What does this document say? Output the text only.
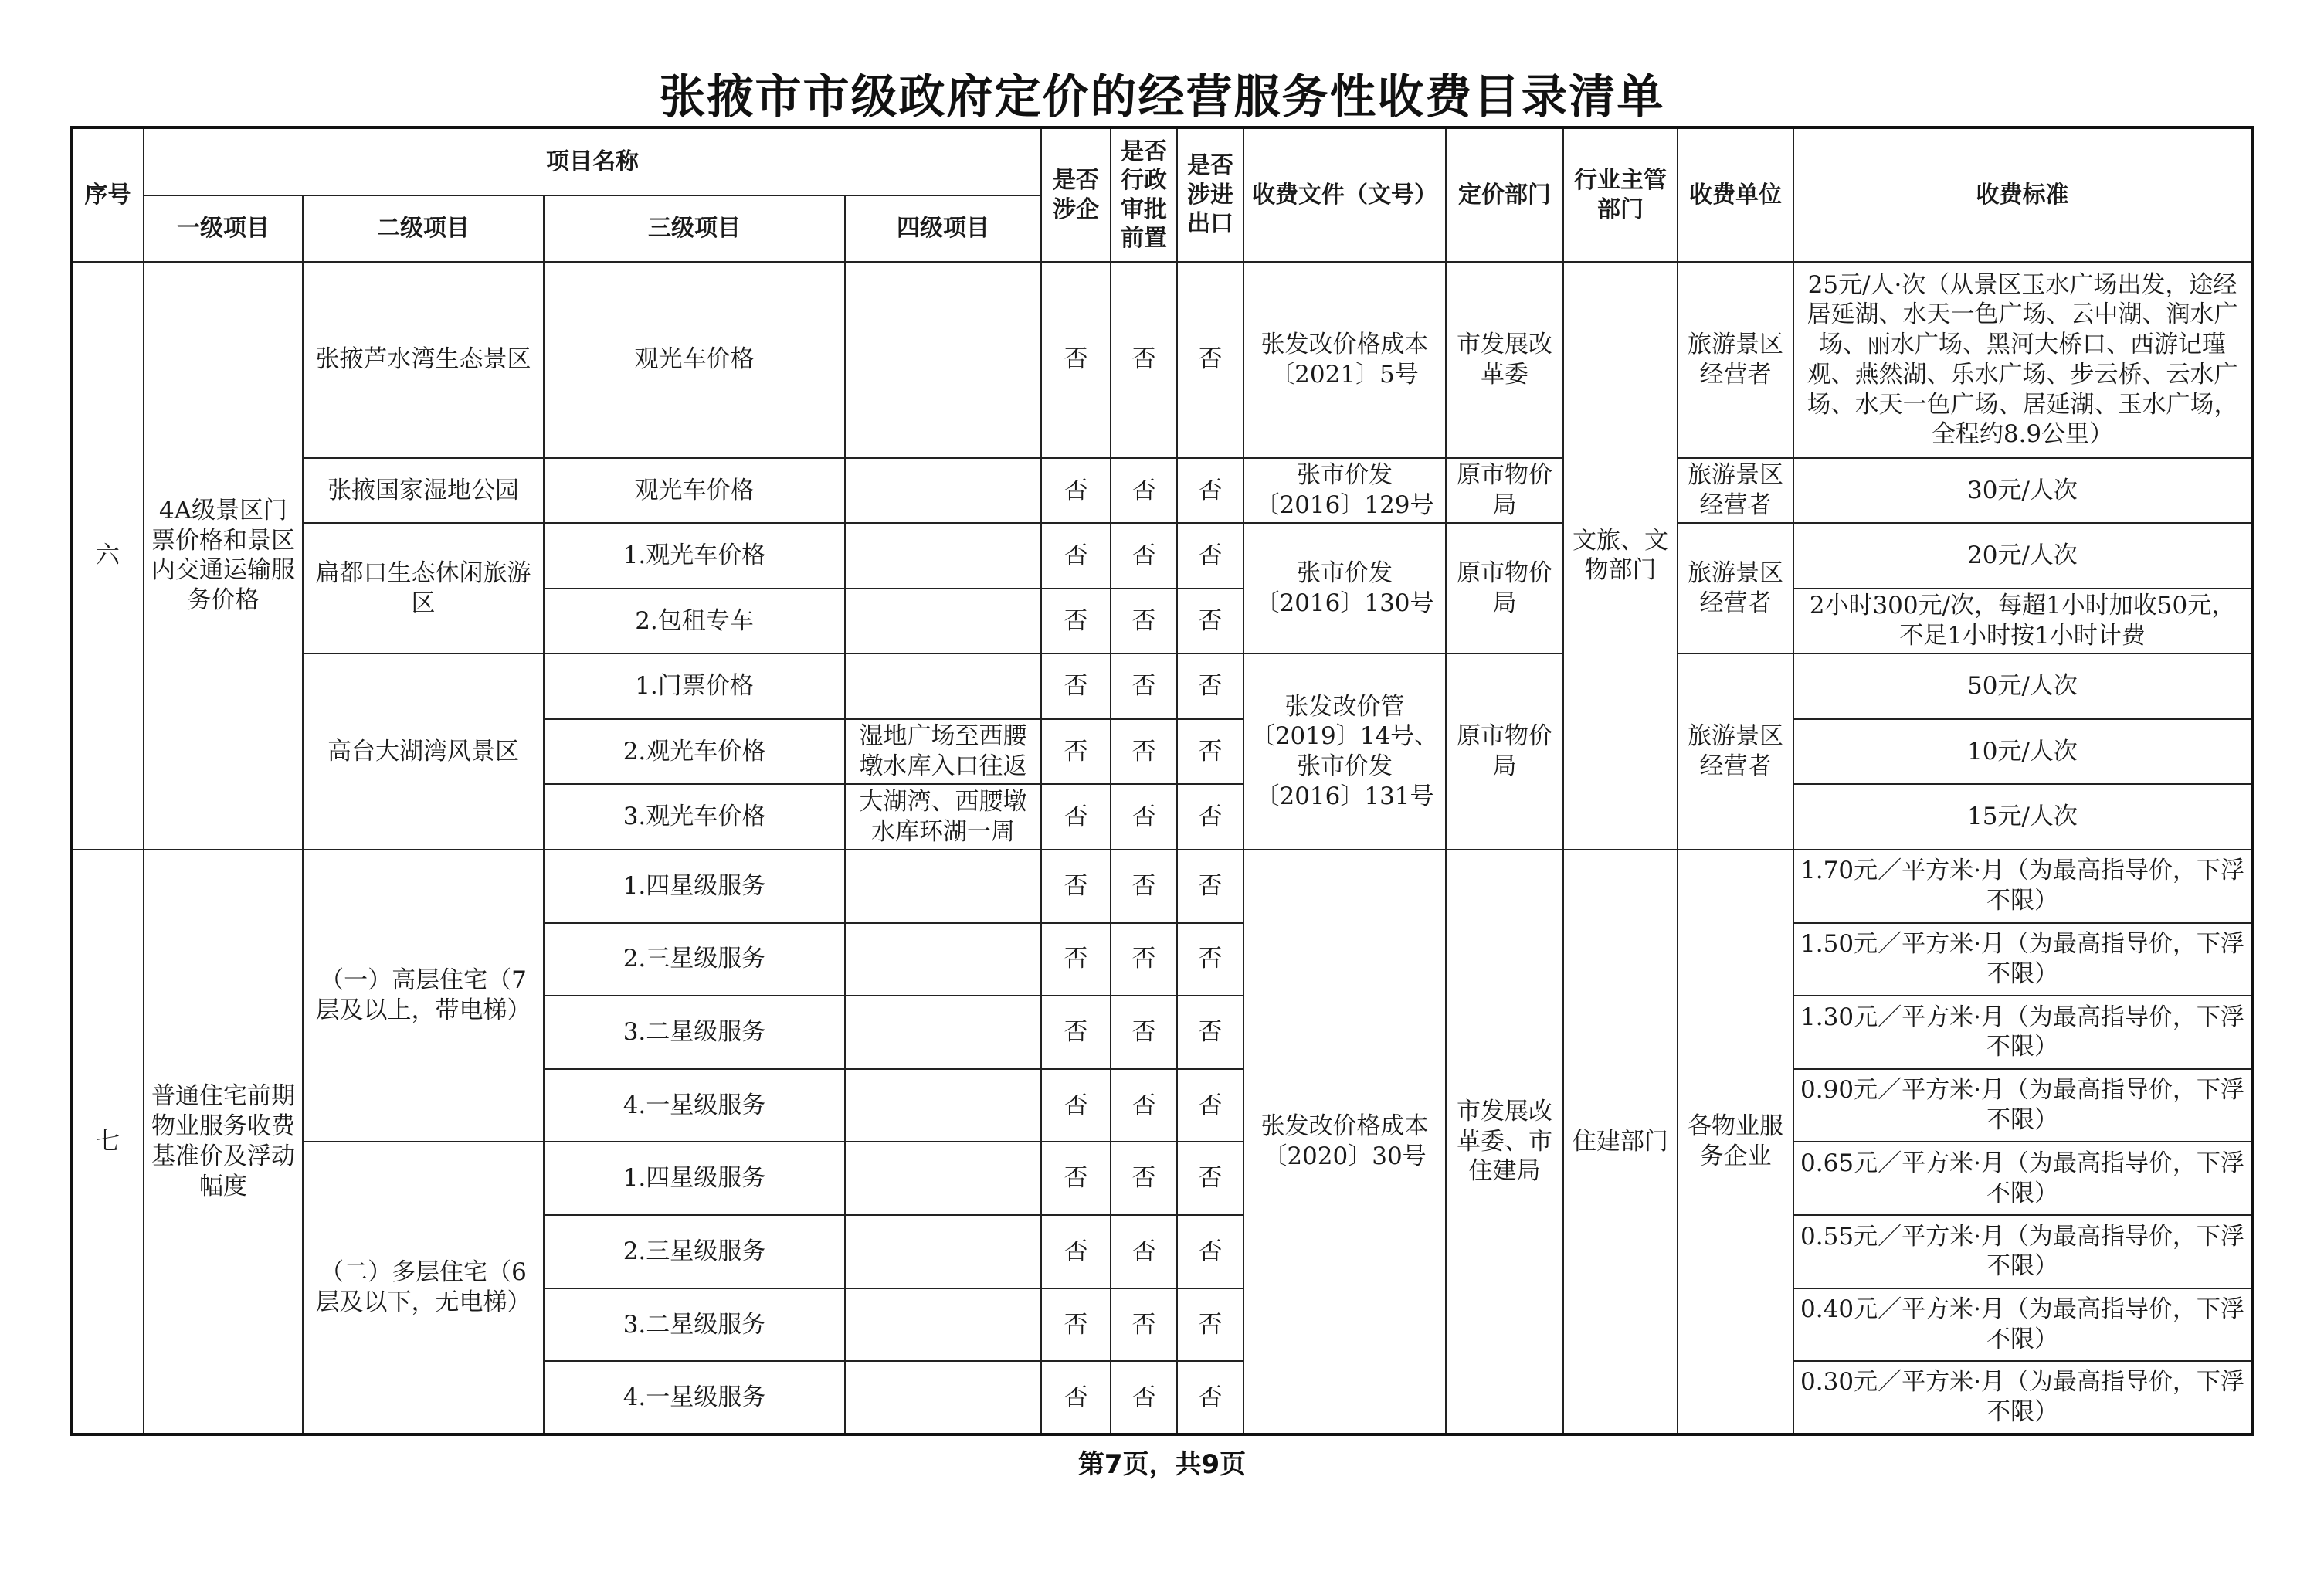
张掖市市级政府定价的经营服务性收费目录清单
序号	项目名称				是否涉企	是否行政审批前置	是否涉进出口	收费文件（文号）	定价部门	行业主管部门	收费单位	收费标准
	一级项目	二级项目	三级项目	四级项目								
六	4A级景区门票价格和景区内交通运输服务价格	张掖芦水湾生态景区	观光车价格		否	否	否	张发改价格成本〔2021〕5号	市发展改革委	文旅、文物部门	旅游景区经营者	25元/人·次（从景区玉水广场出发，途经居延湖、水天一色广场、云中湖、润水广场、丽水广场、黑河大桥口、西游记瑾观、燕然湖、乐水广场、步云桥、云水广场、水天一色广场、居延湖、玉水广场，全程约8.9公里）
		张掖国家湿地公园	观光车价格		否	否	否	张市价发〔2016〕129号	原市物价局		旅游景区经营者	30元/人次
		扁都口生态休闲旅游区	1.观光车价格		否	否	否	张市价发〔2016〕130号	原市物价局		旅游景区经营者	20元/人次
			2.包租专车		否	否	否					2小时300元/次，每超1小时加收50元，不足1小时按1小时计费
		高台大湖湾风景区	1.门票价格		否	否	否	张发改价管〔2019〕14号、张市价发〔2016〕131号	原市物价局		旅游景区经营者	50元/人次
			2.观光车价格	湿地广场至西腰墩水库入口往返	否	否	否					10元/人次
			3.观光车价格	大湖湾、西腰墩水库环湖一周	否	否	否					15元/人次
七	普通住宅前期物业服务收费基准价及浮动幅度	（一）高层住宅（7层及以上，带电梯）	1.四星级服务		否	否	否	张发改价格成本〔2020〕30号	市发展改革委、市住建局	住建部门	各物业服务企业	1.70元／平方米·月（为最高指导价，下浮不限）
			2.三星级服务		否	否	否					1.50元／平方米·月（为最高指导价，下浮不限）
			3.二星级服务		否	否	否					1.30元／平方米·月（为最高指导价，下浮不限）
			4.一星级服务		否	否	否					0.90元／平方米·月（为最高指导价，下浮不限）
		（二）多层住宅（6层及以下，无电梯）	1.四星级服务		否	否	否					0.65元／平方米·月（为最高指导价，下浮不限）
			2.三星级服务		否	否	否					0.55元／平方米·月（为最高指导价，下浮不限）
			3.二星级服务		否	否	否					0.40元／平方米·月（为最高指导价，下浮不限）
			4.一星级服务		否	否	否					0.30元／平方米·月（为最高指导价，下浮不限）
第7页，共9页
